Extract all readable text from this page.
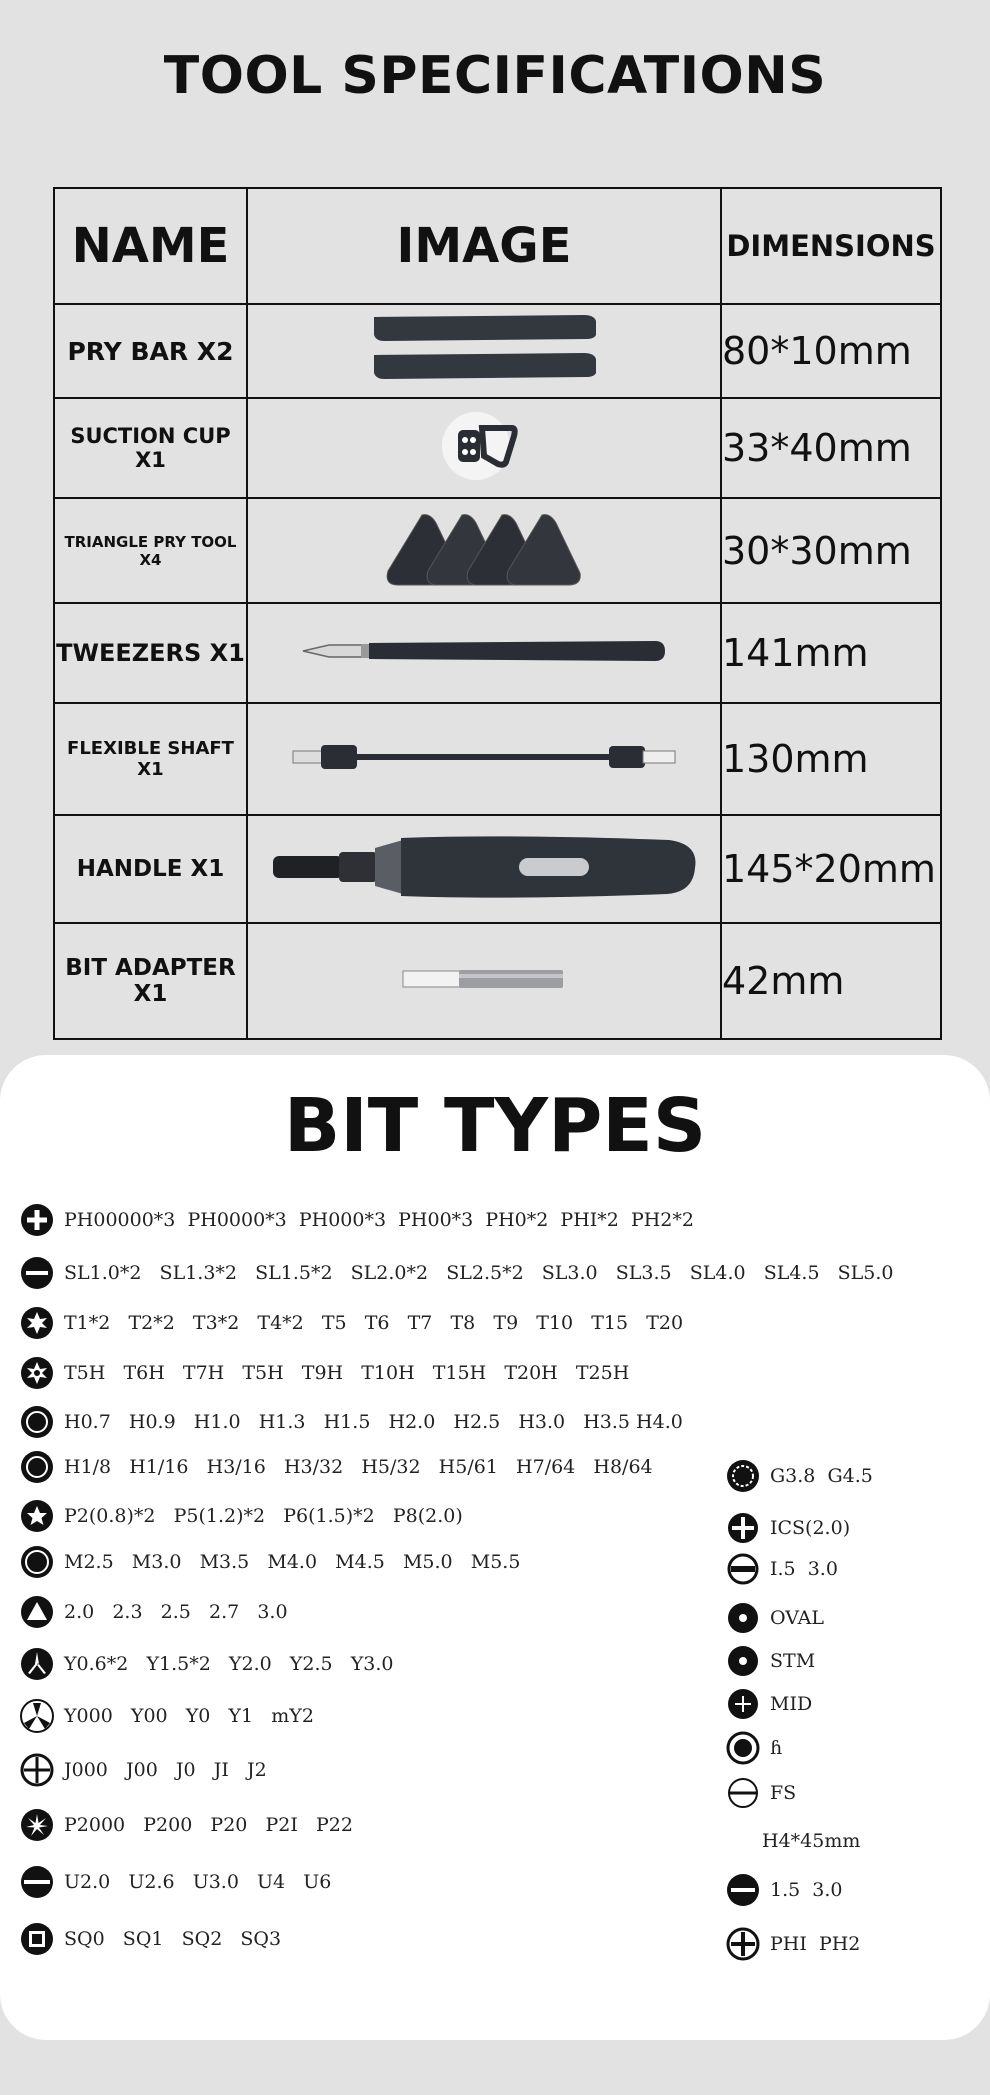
TOOL SPECIFICATIONS
NAME	IMAGE	DIMENSIONS
PRY BAR X2		80*10mm
SUCTION CUP X1		33*40mm
TRIANGLE PRY TOOL X4		30*30mm
TWEEZERS X1		141mm
FLEXIBLE SHAFT X1		130mm
HANDLE X1		145*20mm
BIT ADAPTER X1		42mm
BIT TYPES
PH00000*3  PH0000*3  PH000*3  PH00*3  PH0*2  PHI*2  PH2*2
SL1.0*2   SL1.3*2   SL1.5*2   SL2.0*2   SL2.5*2   SL3.0   SL3.5   SL4.0   SL4.5   SL5.0
T1*2   T2*2   T3*2   T4*2   T5   T6   T7   T8   T9   T10   T15   T20
T5H   T6H   T7H   T5H   T9H   T10H   T15H   T20H   T25H
H0.7   H0.9   H1.0   H1.3   H1.5   H2.0   H2.5   H3.0   H3.5 H4.0
H1/8   H1/16   H3/16   H3/32   H5/32   H5/61   H7/64   H8/64
P2(0.8)*2   P5(1.2)*2   P6(1.5)*2   P8(2.0)
M2.5   M3.0   M3.5   M4.0   M4.5   M5.0   M5.5
2.0   2.3   2.5   2.7   3.0
Y0.6*2   Y1.5*2   Y2.0   Y2.5   Y3.0
Y000   Y00   Y0   Y1   mY2
J000   J00   J0   JI   J2
P2000   P200   P20   P2I   P22
U2.0   U2.6   U3.0   U4   U6
SQ0   SQ1   SQ2   SQ3
G3.8  G4.5
ICS(2.0)
I.5  3.0
OVAL
STM
MID
ɦ
FS
H4*45mm
1.5  3.0
PHI  PH2
